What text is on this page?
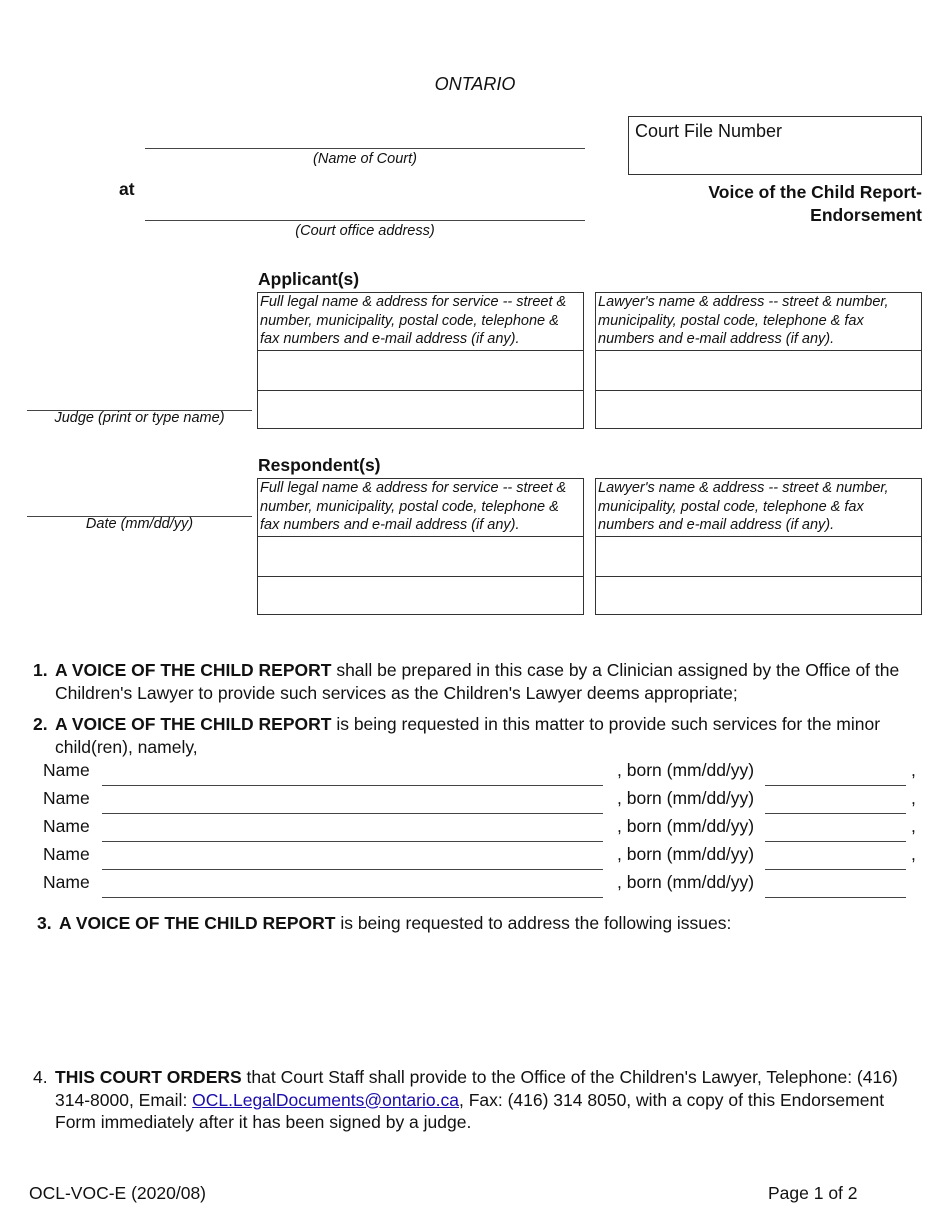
ONTARIO
Court File Number
(Name of Court)
at
(Court office address)
Voice of the Child Report-
Endorsement
Judge (print or type name)
Date (mm/dd/yy)
Applicant(s)
Full legal name & address for service -- street & number, municipality, postal code, telephone & fax numbers and e-mail address (if any).
Lawyer's name & address -- street & number, municipality, postal code, telephone & fax numbers and e-mail address (if any).
Respondent(s)
Full legal name & address for service -- street & number, municipality, postal code, telephone & fax numbers and e-mail address (if any).
Lawyer's name & address -- street & number, municipality, postal code, telephone & fax numbers and e-mail address (if any).
1. A VOICE OF THE CHILD REPORT shall be prepared in this case by a Clinician assigned by the Office of the Children's Lawyer to provide such services as the Children's Lawyer deems appropriate;
2. A VOICE OF THE CHILD REPORT is being requested in this matter to provide such services for the minor child(ren), namely,
Name	, born (mm/dd/yy)	,
Name	, born (mm/dd/yy)	,
Name	, born (mm/dd/yy)	,
Name	, born (mm/dd/yy)	,
Name	, born (mm/dd/yy)
3. A VOICE OF THE CHILD REPORT is being requested to address the following issues:
4. THIS COURT ORDERS that Court Staff shall provide to the Office of the Children's Lawyer, Telephone: (416) 314-8000, Email: OCL.LegalDocuments@ontario.ca, Fax: (416) 314 8050, with a copy of this Endorsement Form immediately after it has been signed by a judge.
OCL-VOC-E (2020/08)	Page 1 of 2
